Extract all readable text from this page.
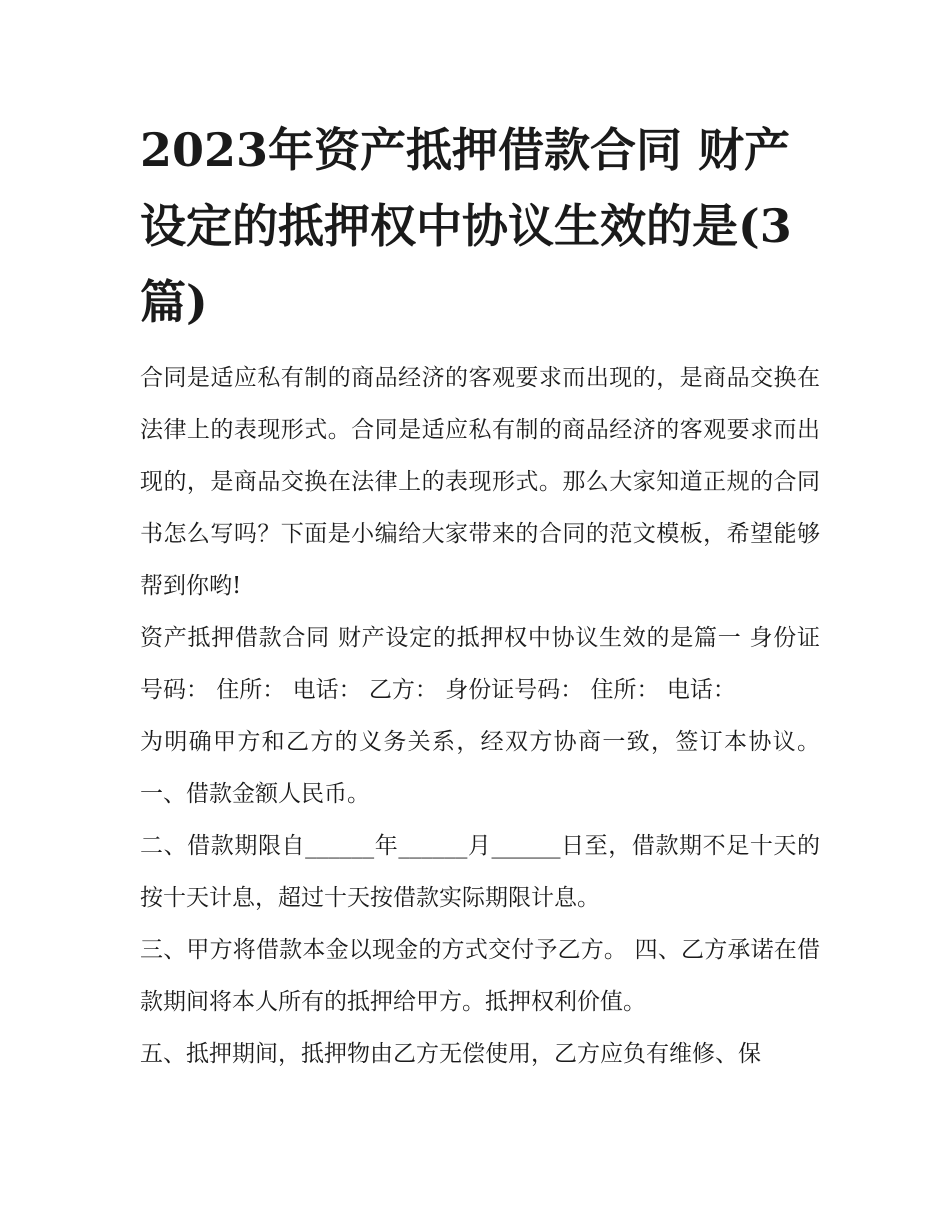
2023年资产抵押借款合同 财产设定的抵押权中协议生效的是(3篇)

合同是适应私有制的商品经济的客观要求而出现的，是商品交换在法律上的表现形式。合同是适应私有制的商品经济的客观要求而出现的，是商品交换在法律上的表现形式。那么大家知道正规的合同书怎么写吗？下面是小编给大家带来的合同的范文模板，希望能够帮到你哟!

资产抵押借款合同 财产设定的抵押权中协议生效的是篇一 身份证号码： 住所： 电话： 乙方： 身份证号码： 住所： 电话：

为明确甲方和乙方的义务关系，经双方协商一致，签订本协议。 一、借款金额人民币。

二、借款期限自______年______月______日至，借款期不足十天的按十天计息，超过十天按借款实际期限计息。

三、甲方将借款本金以现金的方式交付予乙方。 四、乙方承诺在借款期间将本人所有的抵押给甲方。抵押权利价值。

五、抵押期间，抵押物由乙方无偿使用，乙方应负有维修、保
